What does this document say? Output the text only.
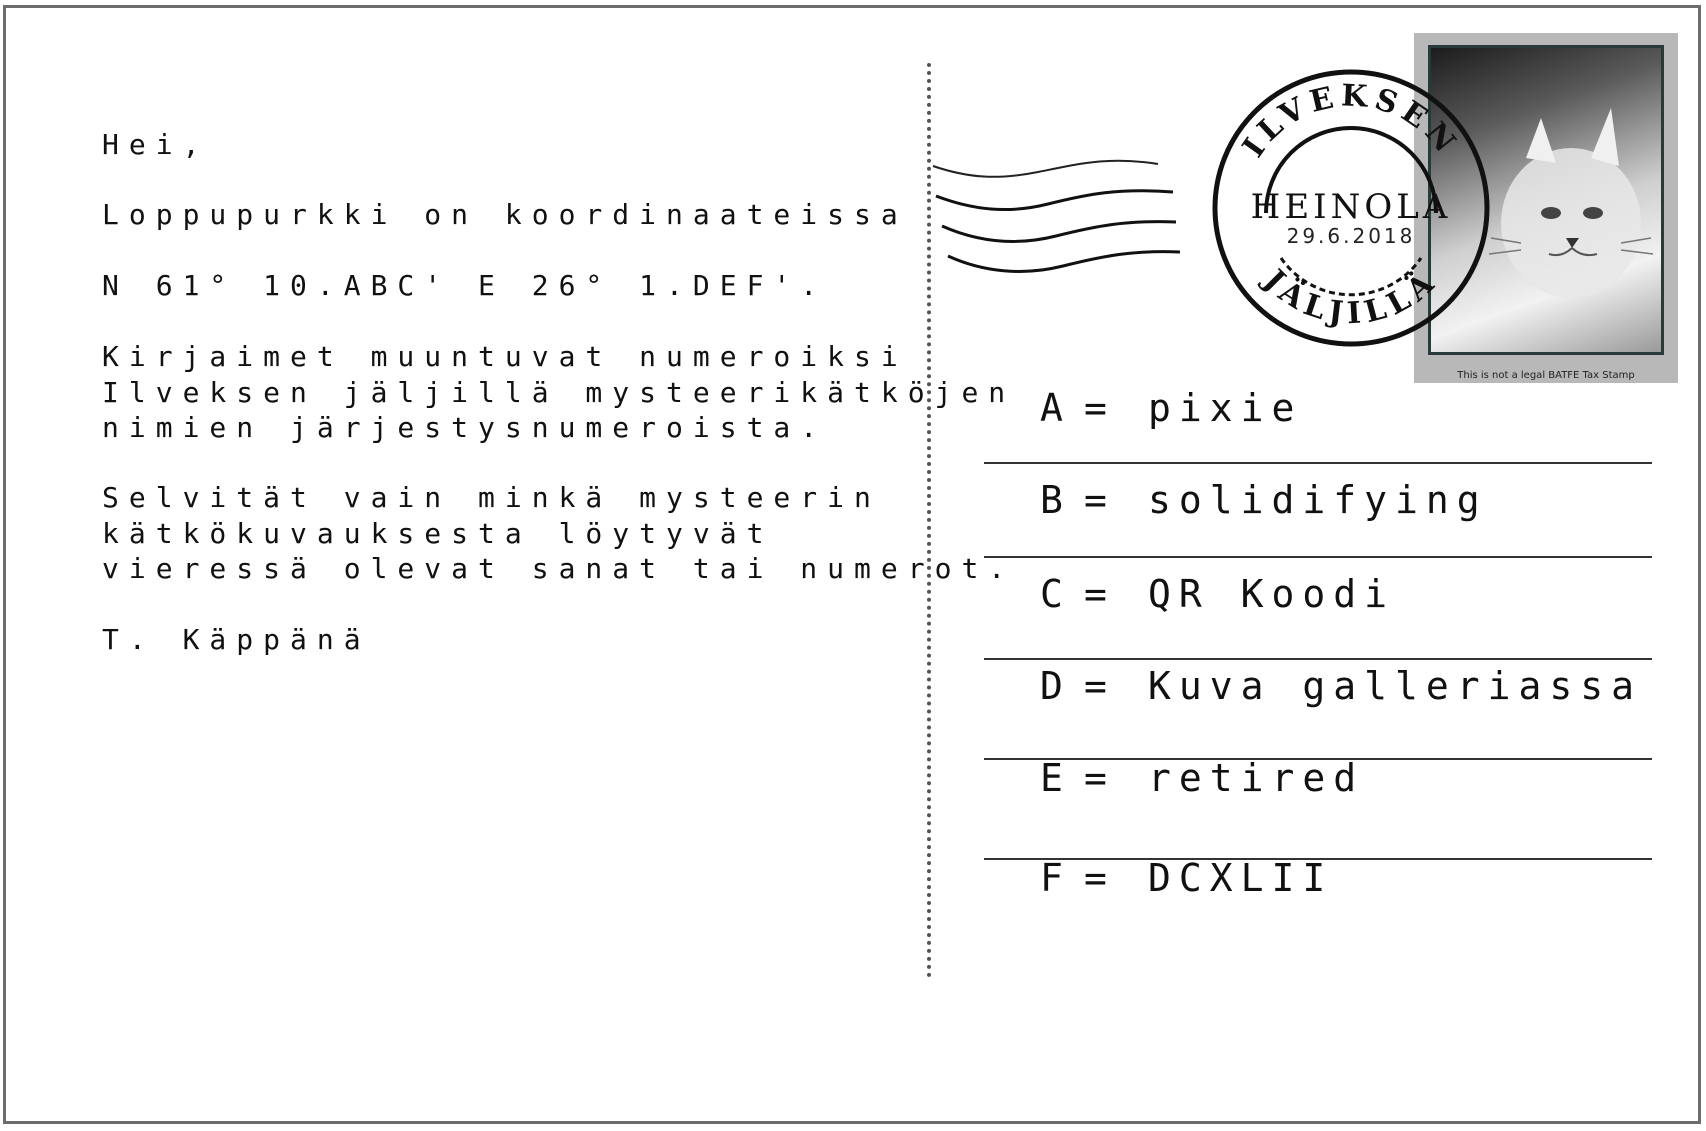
Hei,
Loppupurkki on koordinaateissa
N 61° 10.ABC' E 26° 1.DEF'.
Kirjaimet muuntuvat numeroiksi
Ilveksen jäljillä mysteerikätköjen
nimien järjestysnumeroista.
Selvität vain minkä mysteerin
kätkökuvauksesta löytyvät
vieressä olevat sanat tai numerot.
T. Käppänä
This is not a legal BATFE Tax Stamp
ILVEKSEN
JÄLJILLÄ
HEINOLA
29.6.2018
A = pixie
B = solidifying
C = QR Koodi
D = Kuva galleriassa
E = retired
F = DCXLII
